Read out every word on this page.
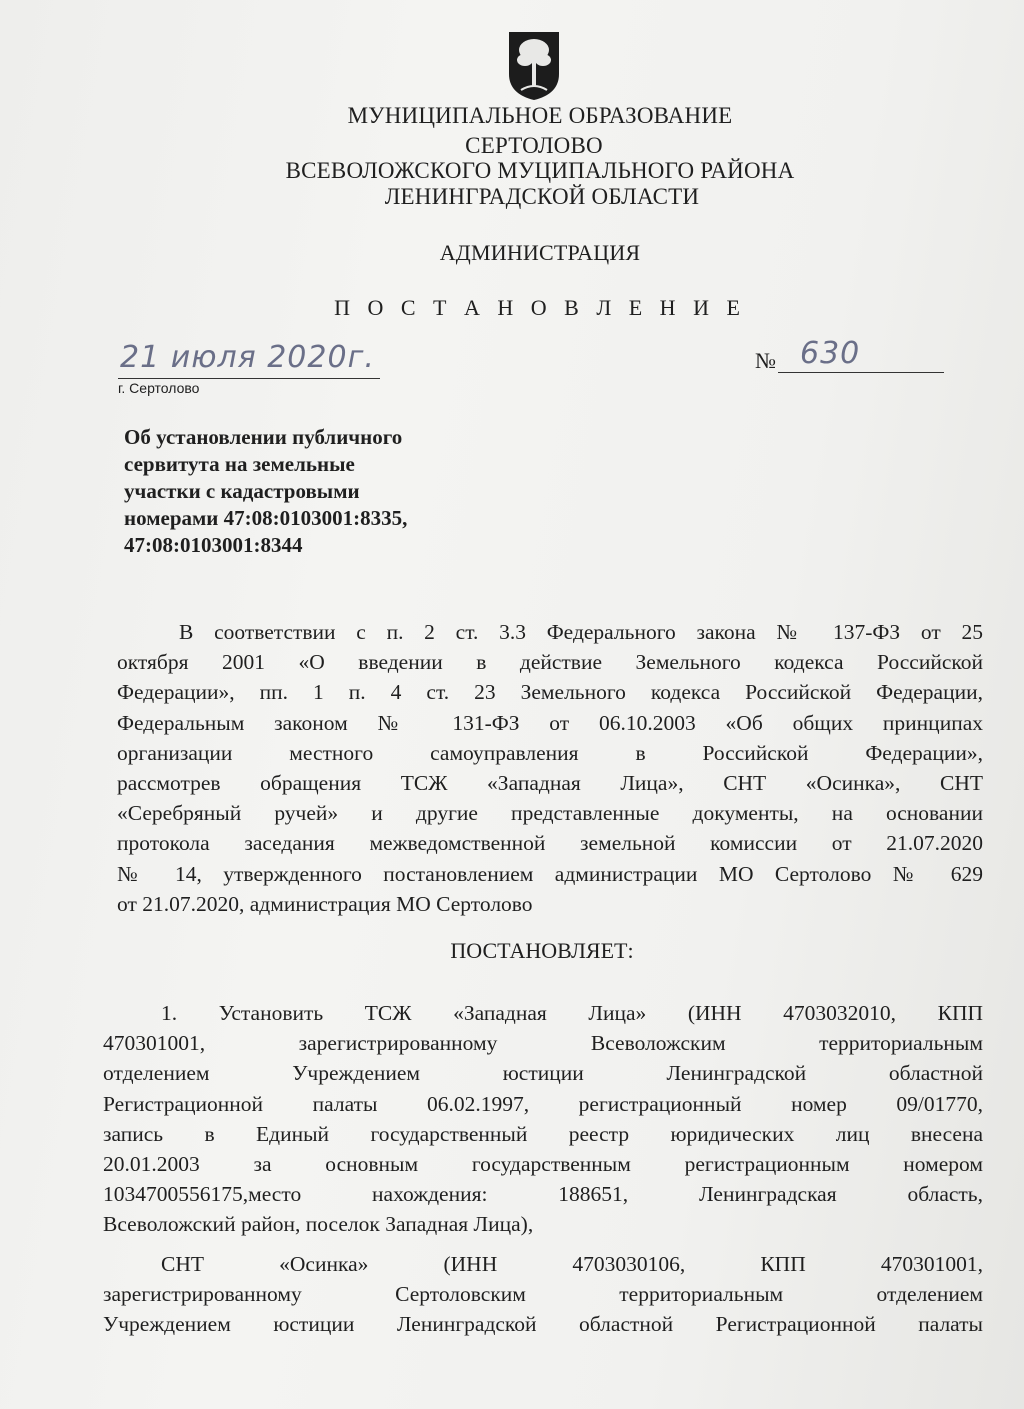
МУНИЦИПАЛЬНОЕ ОБРАЗОВАНИЕ
СЕРТОЛОВО
ВСЕВОЛОЖСКОГО МУЦИПАЛЬНОГО РАЙОНА
ЛЕНИНГРАДСКОЙ ОБЛАСТИ
АДМИНИСТРАЦИЯ
П О С Т А Н О В Л Е Н И Е
21 июля 2020г.	№ 630
г. Сертолово
Об установлении публичного
сервитута на земельные
участки с кадастровыми
номерами 47:08:0103001:8335,
47:08:0103001:8344
В соответствии с п. 2 ст. 3.3 Федерального закона № 137-ФЗ от 25
октября 2001 «О введении в действие Земельного кодекса Российской
Федерации», пп. 1 п. 4 ст. 23 Земельного кодекса Российской Федерации,
Федеральным законом № 131-ФЗ от 06.10.2003 «Об общих принципах
организации местного самоуправления в Российской Федерации»,
рассмотрев обращения ТСЖ «Западная Лица», СНТ «Осинка», СНТ
«Серебряный ручей» и другие представленные документы, на основании
протокола заседания межведомственной земельной комиссии от 21.07.2020
№ 14, утвержденного постановлением администрации МО Сертолово № 629
от 21.07.2020, администрация МО Сертолово
ПОСТАНОВЛЯЕТ:
1. Установить ТСЖ «Западная Лица» (ИНН 4703032010, КПП
470301001, зарегистрированному Всеволожским территориальным
отделением Учреждением юстиции Ленинградской областной
Регистрационной палаты 06.02.1997, регистрационный номер 09/01770,
запись в Единый государственный реестр юридических лиц внесена
20.01.2003 за основным государственным регистрационным номером
1034700556175,место нахождения: 188651, Ленинградская область,
Всеволожский район, поселок Западная Лица),
СНТ «Осинка» (ИНН 4703030106, КПП 470301001,
зарегистрированному Сертоловским территориальным отделением
Учреждением юстиции Ленинградской областной Регистрационной палаты
